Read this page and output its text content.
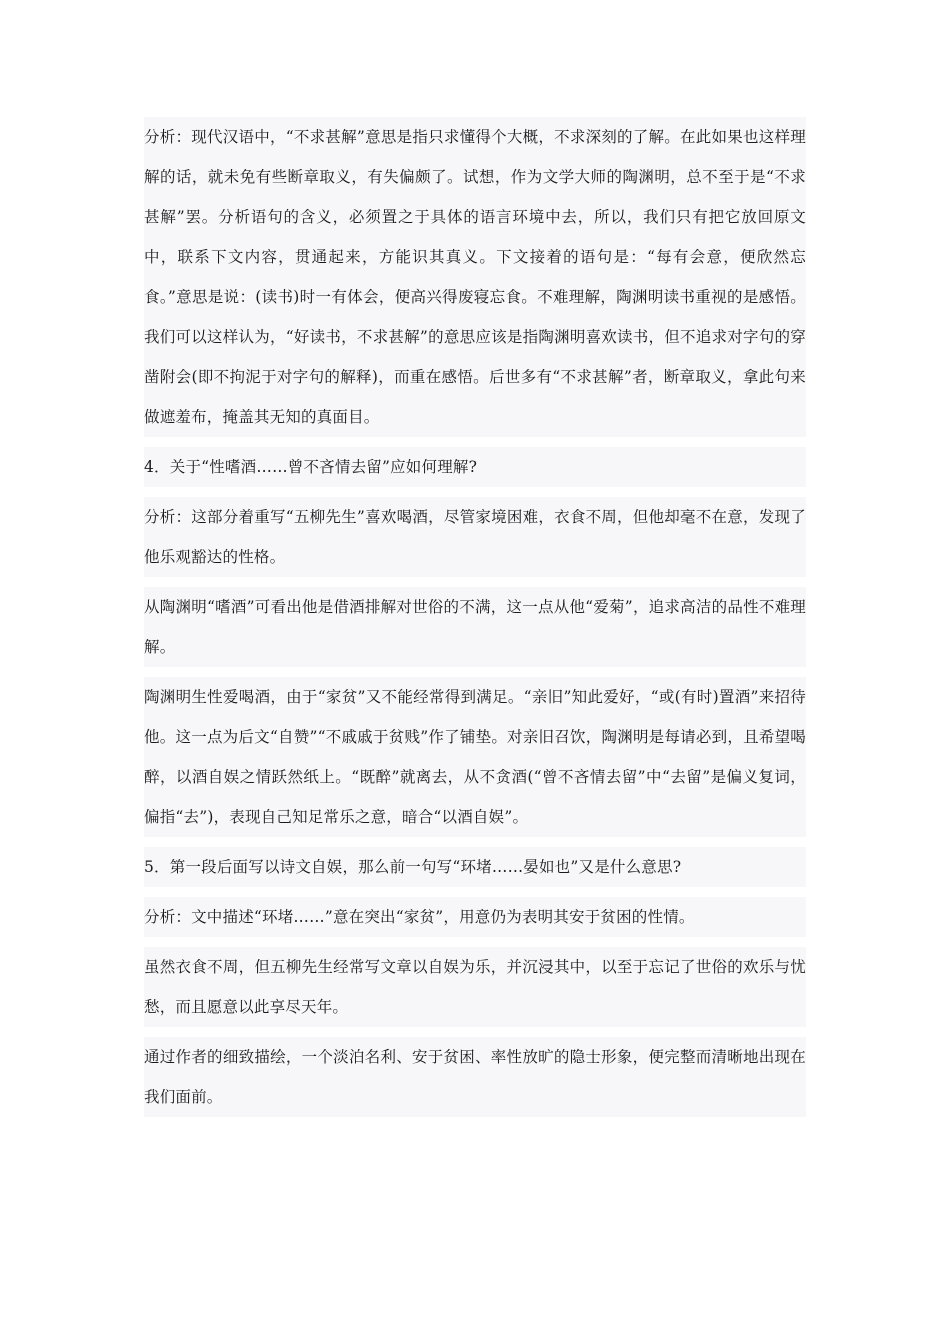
分析：现代汉语中，“不求甚解”意思是指只求懂得个大概，不求深刻的了解。在此如果也这样理解的话，就未免有些断章取义，有失偏颇了。试想，作为文学大师的陶渊明，总不至于是“不求甚解”罢。分析语句的含义，必须置之于具体的语言环境中去，所以，我们只有把它放回原文中，联系下文内容，贯通起来，方能识其真义。下文接着的语句是：“每有会意，便欣然忘食。”意思是说：(读书)时一有体会，便高兴得废寝忘食。不难理解，陶渊明读书重视的是感悟。我们可以这样认为，“好读书，不求甚解”的意思应该是指陶渊明喜欢读书，但不追求对字句的穿凿附会(即不拘泥于对字句的解释)，而重在感悟。后世多有“不求甚解”者，断章取义，拿此句来做遮羞布，掩盖其无知的真面目。

4．关于“性嗜酒……曾不吝情去留”应如何理解?

分析：这部分着重写“五柳先生”喜欢喝酒，尽管家境困难，衣食不周，但他却毫不在意，发现了他乐观豁达的性格。

从陶渊明“嗜酒”可看出他是借酒排解对世俗的不满，这一点从他“爱菊”，追求高洁的品性不难理解。

陶渊明生性爱喝酒，由于“家贫”又不能经常得到满足。“亲旧”知此爱好，“或(有时)置酒”来招待他。这一点为后文“自赞”“不戚戚于贫贱”作了铺垫。对亲旧召饮，陶渊明是每请必到，且希望喝醉，以酒自娱之情跃然纸上。“既醉”就离去，从不贪酒(“曾不吝情去留”中“去留”是偏义复词，偏指“去”)，表现自己知足常乐之意，暗合“以酒自娱”。

5．第一段后面写以诗文自娱，那么前一句写“环堵……晏如也”又是什么意思?

分析：文中描述“环堵……”意在突出“家贫”，用意仍为表明其安于贫困的性情。

虽然衣食不周，但五柳先生经常写文章以自娱为乐，并沉浸其中，以至于忘记了世俗的欢乐与忧愁，而且愿意以此享尽天年。

通过作者的细致描绘，一个淡泊名利、安于贫困、率性放旷的隐士形象，便完整而清晰地出现在我们面前。
